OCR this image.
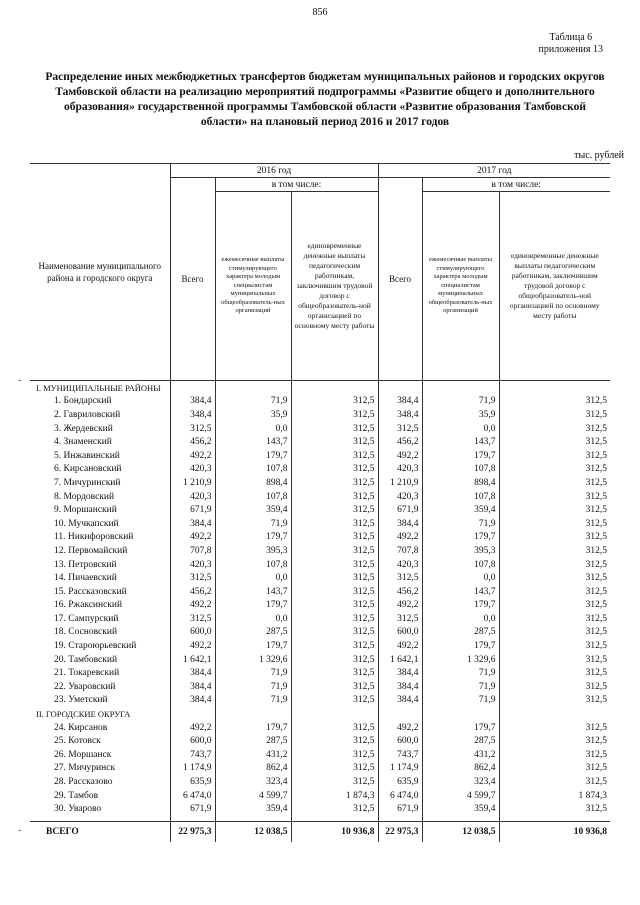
856
Таблица 6
приложения 13
Распределение иных межбюджетных трансфертов бюджетам муниципальных районов и городских округов Тамбовской области на реализацию мероприятий подпрограммы «Развитие общего и дополнительного образования» государственной программы Тамбовской области «Развитие образования Тамбовской области» на плановый период 2016 и 2017 годов
тыс. рублей
Наименование муниципального района и городского округа	2016 год			2017 год		
	Всего	в том числе:		Всего	в том числе:	
		ежемесячные выплаты стимулирующего характера молодым специалистам муниципальных общеобразователь-ных организаций	единовременные денежные выплаты педагогическим работникам, заключившим трудовой договор с общеобразователь-ной организацией по основному месту работы		ежемесячные выплаты стимулирующего характера молодым специалистам муниципальных общеобразователь-ных организаций	единовременные денежные выплаты педагогическим работникам, заключившим трудовой договор с общеобразователь-ной организацией по основному месту работы
I. МУНИЦИПАЛЬНЫЕ РАЙОНЫ						
1. Бондарский	384,4	71,9	312,5	384,4	71,9	312,5
2. Гавриловский	348,4	35,9	312,5	348,4	35,9	312,5
3. Жердевский	312,5	0,0	312,5	312,5	0,0	312,5
4. Знаменский	456,2	143,7	312,5	456,2	143,7	312,5
5. Инжавинский	492,2	179,7	312,5	492,2	179,7	312,5
6. Кирсановский	420,3	107,8	312,5	420,3	107,8	312,5
7. Мичуринский	1 210,9	898,4	312,5	1 210,9	898,4	312,5
8. Мордовский	420,3	107,8	312,5	420,3	107,8	312,5
9. Моршанский	671,9	359,4	312,5	671,9	359,4	312,5
10. Мучкапский	384,4	71,9	312,5	384,4	71,9	312,5
11. Никифоровский	492,2	179,7	312,5	492,2	179,7	312,5
12. Первомайский	707,8	395,3	312,5	707,8	395,3	312,5
13. Петровский	420,3	107,8	312,5	420,3	107,8	312,5
14. Пичаевский	312,5	0,0	312,5	312,5	0,0	312,5
15. Рассказовский	456,2	143,7	312,5	456,2	143,7	312,5
16. Ржаксинский	492,2	179,7	312,5	492,2	179,7	312,5
17. Сампурский	312,5	0,0	312,5	312,5	0,0	312,5
18. Сосновский	600,0	287,5	312,5	600,0	287,5	312,5
19. Староюрьевский	492,2	179,7	312,5	492,2	179,7	312,5
20. Тамбовский	1 642,1	1 329,6	312,5	1 642,1	1 329,6	312,5
21. Токаревский	384,4	71,9	312,5	384,4	71,9	312,5
22. Уваровский	384,4	71,9	312,5	384,4	71,9	312,5
23. Уметский	384,4	71,9	312,5	384,4	71,9	312,5
II. ГОРОДСКИЕ ОКРУГА						
24. Кирсанов	492,2	179,7	312,5	492,2	179,7	312,5
25. Котовск	600,0	287,5	312,5	600,0	287,5	312,5
26. Моршанск	743,7	431,2	312,5	743,7	431,2	312,5
27. Мичуринск	1 174,9	862,4	312,5	1 174,9	862,4	312,5
28. Рассказово	635,9	323,4	312,5	635,9	323,4	312,5
29. Тамбов	6 474,0	4 599,7	1 874,3	6 474,0	4 599,7	1 874,3
30. Уварово	671,9	359,4	312,5	671,9	359,4	312,5

ВСЕГО	22 975,3	12 038,5	10 936,8	22 975,3	12 038,5	10 936,8
-
-
